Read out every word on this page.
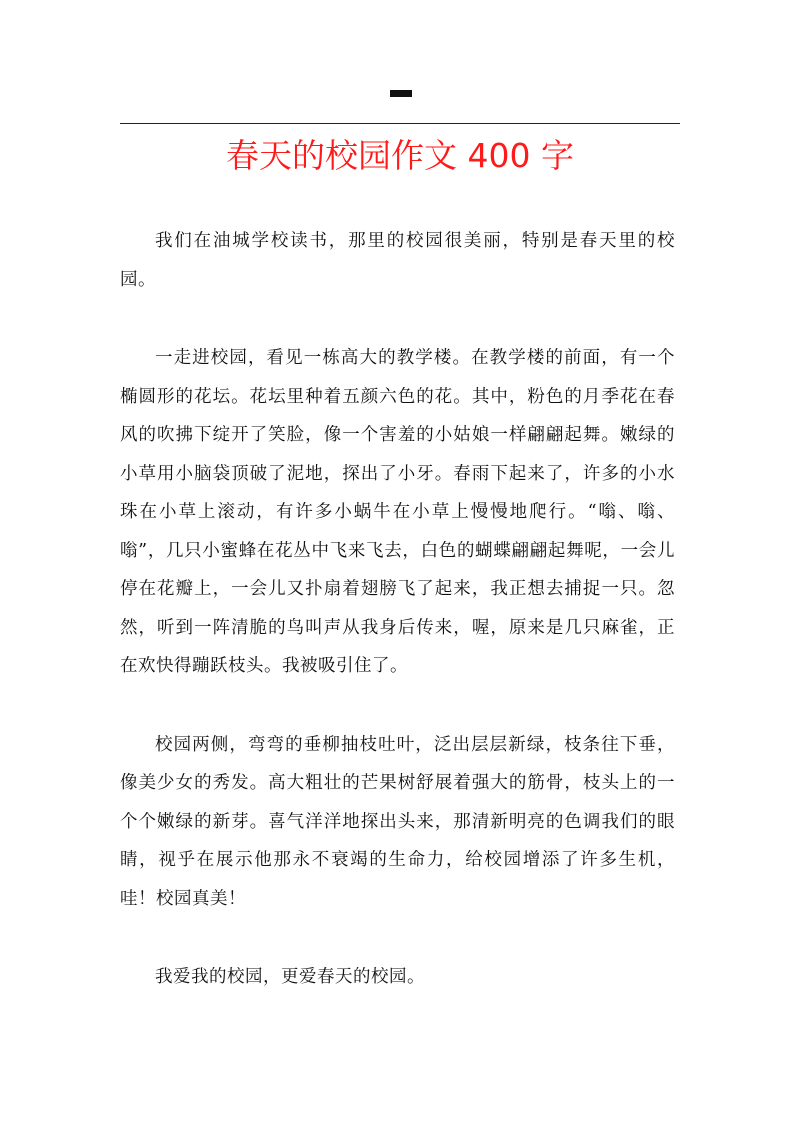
春天的校园作文 400 字

我们在油城学校读书，那里的校园很美丽，特别是春天里的校园。

一走进校园，看见一栋高大的教学楼。在教学楼的前面，有一个椭圆形的花坛。花坛里种着五颜六色的花。其中，粉色的月季花在春风的吹拂下绽开了笑脸，像一个害羞的小姑娘一样翩翩起舞。嫩绿的小草用小脑袋顶破了泥地，探出了小牙。春雨下起来了，许多的小水珠在小草上滚动，有许多小蜗牛在小草上慢慢地爬行。“嗡、嗡、嗡”，几只小蜜蜂在花丛中飞来飞去，白色的蝴蝶翩翩起舞呢，一会儿停在花瓣上，一会儿又扑扇着翅膀飞了起来，我正想去捕捉一只。忽然，听到一阵清脆的鸟叫声从我身后传来，喔，原来是几只麻雀，正在欢快得蹦跃枝头。我被吸引住了。

校园两侧，弯弯的垂柳抽枝吐叶，泛出层层新绿，枝条往下垂，像美少女的秀发。高大粗壮的芒果树舒展着强大的筋骨，枝头上的一个个嫩绿的新芽。喜气洋洋地探出头来，那清新明亮的色调我们的眼睛，视乎在展示他那永不衰竭的生命力，给校园增添了许多生机，哇！校园真美！

我爱我的校园，更爱春天的校园。
